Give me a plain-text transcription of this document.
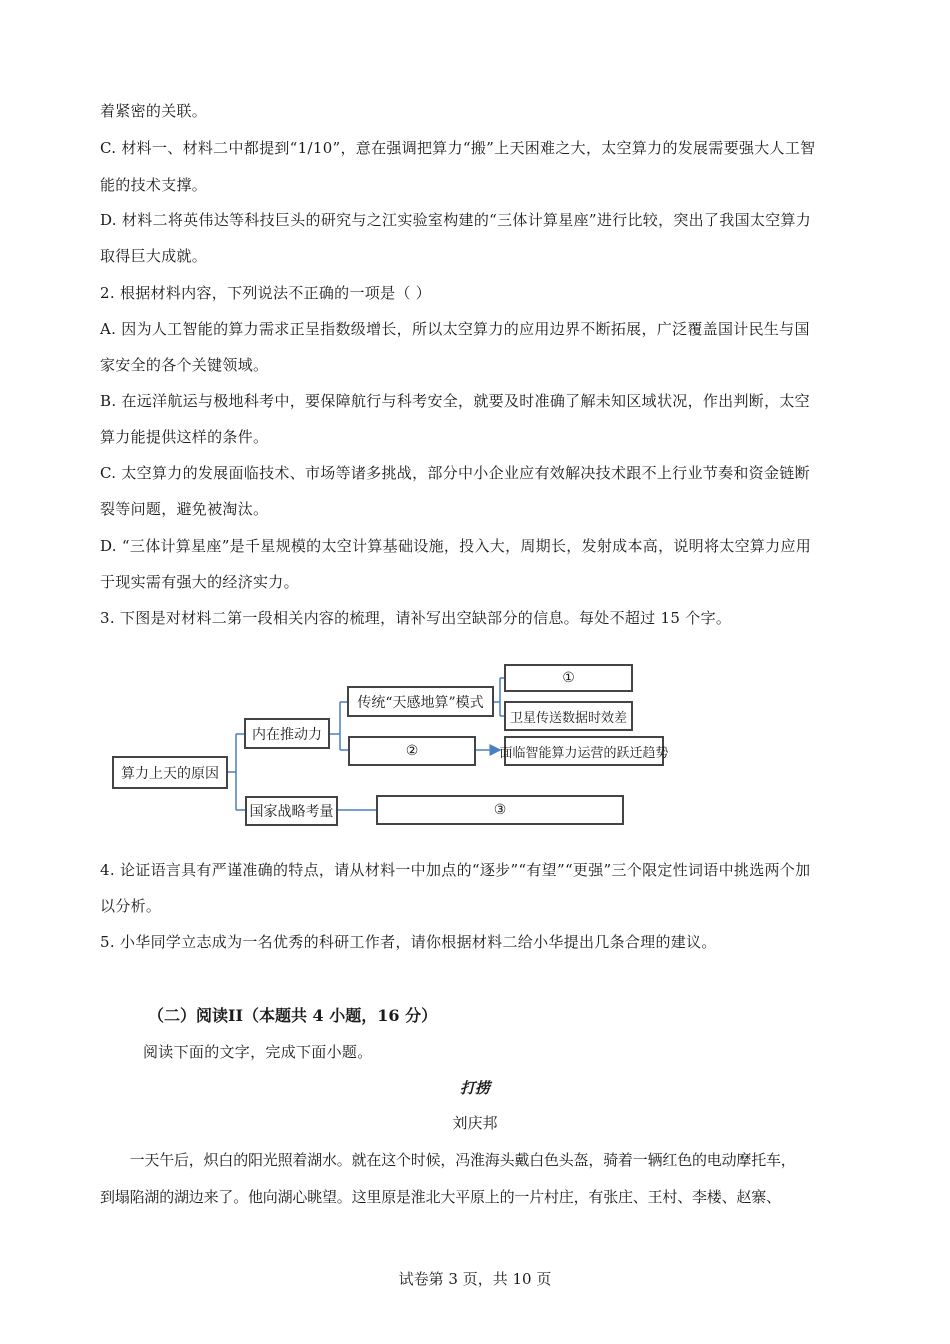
着紧密的关联。
C. 材料一、材料二中都提到“1/10”，意在强调把算力“搬”上天困难之大，太空算力的发展需要强大人工智
能的技术支撑。
D. 材料二将英伟达等科技巨头的研究与之江实验室构建的“三体计算星座”进行比较，突出了我国太空算力
取得巨大成就。
2. 根据材料内容，下列说法不正确的一项是（ ）
A. 因为人工智能的算力需求正呈指数级增长，所以太空算力的应用边界不断拓展，广泛覆盖国计民生与国
家安全的各个关键领域。
B. 在远洋航运与极地科考中，要保障航行与科考安全，就要及时准确了解未知区域状况，作出判断，太空
算力能提供这样的条件。
C. 太空算力的发展面临技术、市场等诸多挑战，部分中小企业应有效解决技术跟不上行业节奏和资金链断
裂等问题，避免被淘汰。
D. “三体计算星座”是千星规模的太空计算基础设施，投入大，周期长，发射成本高，说明将太空算力应用
于现实需有强大的经济实力。
3. 下图是对材料二第一段相关内容的梳理，请补写出空缺部分的信息。每处不超过 15 个字。
算力上天的原因
内在推动力
传统“天感地算”模式
①
卫星传送数据时效差
②	面临智能算力运营的跃迁趋势
国家战略考量	③
4. 论证语言具有严谨准确的特点，请从材料一中加点的“逐步”“有望”“更强”三个限定性词语中挑选两个加
以分析。
5. 小华同学立志成为一名优秀的科研工作者，请你根据材料二给小华提出几条合理的建议。
（二）阅读II（本题共 4 小题，16 分）
阅读下面的文字，完成下面小题。
打捞
刘庆邦
　　一天午后，炽白的阳光照着湖水。就在这个时候，冯淮海头戴白色头盔，骑着一辆红色的电动摩托车，
到塌陷湖的湖边来了。他向湖心眺望。这里原是淮北大平原上的一片村庄，有张庄、王村、李楼、赵寨、
试卷第 3 页，共 10 页
